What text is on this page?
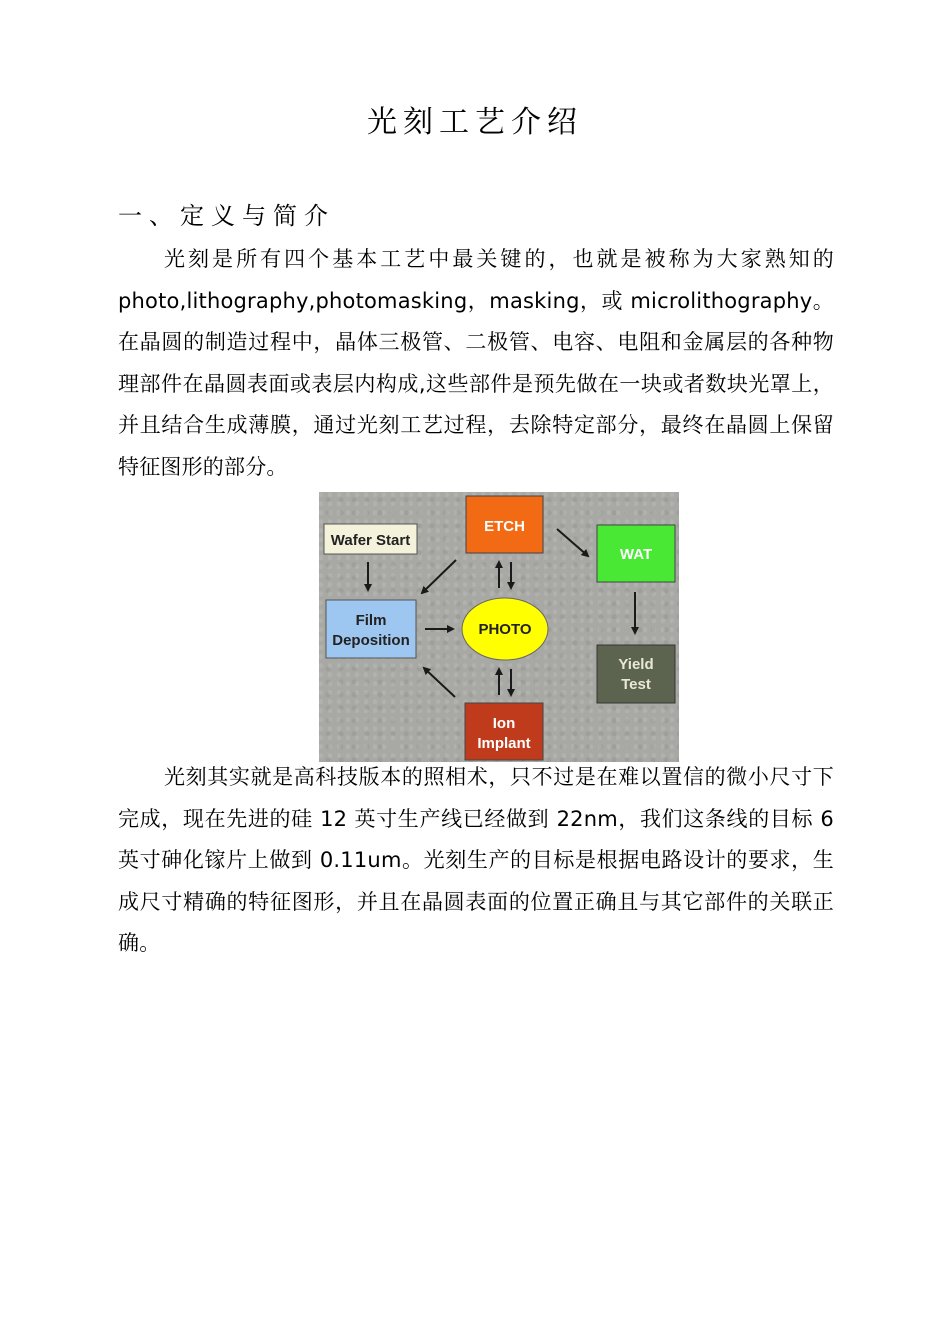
光刻工艺介绍
一、定义与简介

光刻是所有四个基本工艺中最关键的，也就是被称为大家熟知的photo,lithography,photomasking，masking，或 microlithography。在晶圆的制造过程中，晶体三极管、二极管、电容、电阻和金属层的各种物理部件在晶圆表面或表层内构成,这些部件是预先做在一块或者数块光罩上，并且结合生成薄膜，通过光刻工艺过程，去除特定部分，最终在晶圆上保留特征图形的部分。

Wafer Start
ETCH
WAT
Film
Deposition
PHOTO
Yield
Test
Ion
Implant

光刻其实就是高科技版本的照相术，只不过是在难以置信的微小尺寸下完成，现在先进的硅 12 英寸生产线已经做到 22nm，我们这条线的目标 6 英寸砷化镓片上做到 0.11um。光刻生产的目标是根据电路设计的要求，生成尺寸精确的特征图形，并且在晶圆表面的位置正确且与其它部件的关联正确。
